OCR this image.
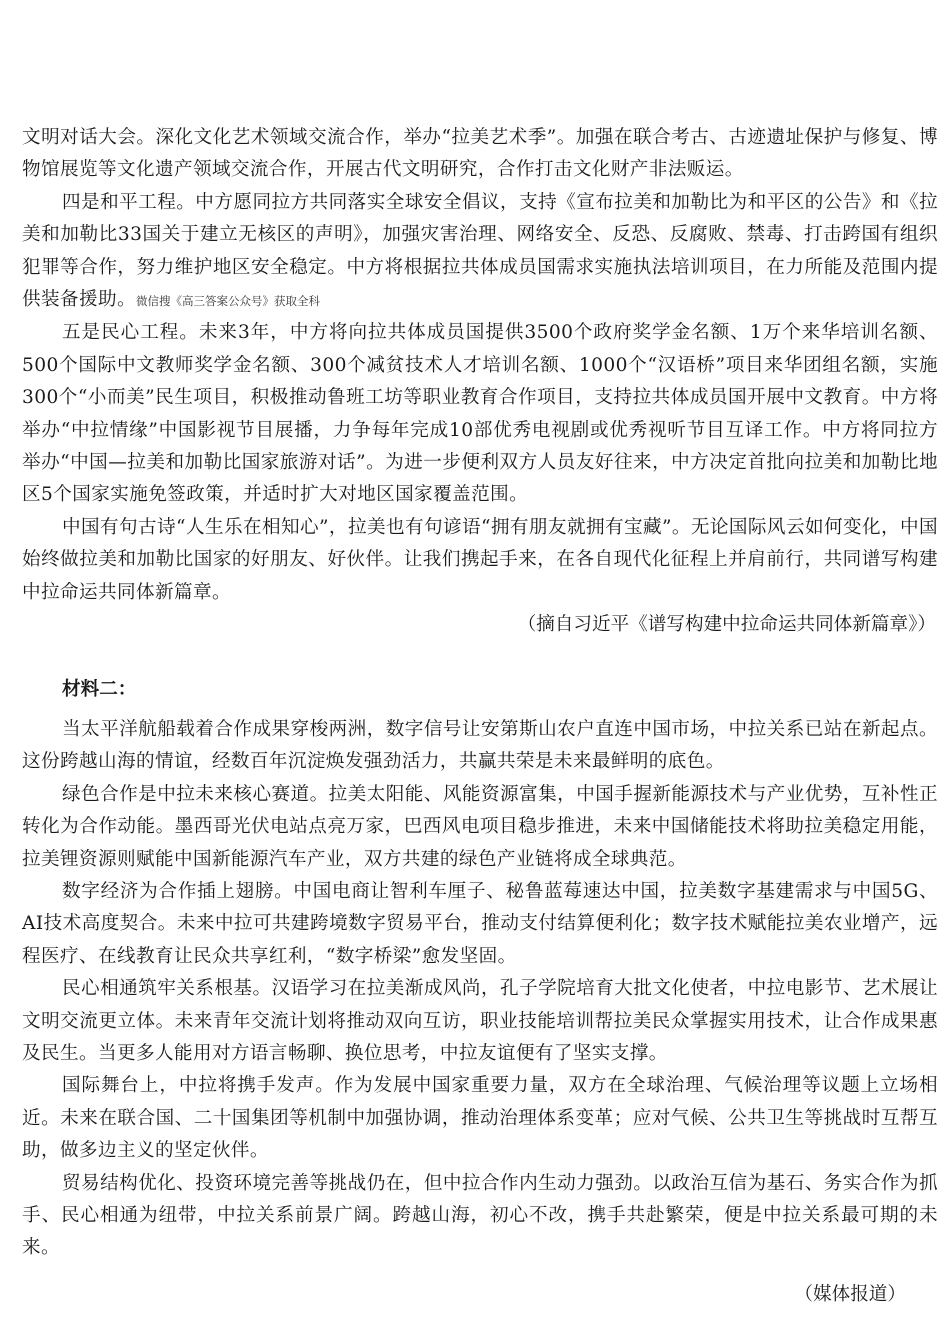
文明对话大会。深化文化艺术领域交流合作，举办“拉美艺术季”。加强在联合考古、古迹遗址保护与修复、博物馆展览等文化遗产领域交流合作，开展古代文明研究，合作打击文化财产非法贩运。

四是和平工程。中方愿同拉方共同落实全球安全倡议，支持《宣布拉美和加勒比为和平区的公告》和《拉美和加勒比33国关于建立无核区的声明》，加强灾害治理、网络安全、反恐、反腐败、禁毒、打击跨国有组织犯罪等合作，努力维护地区安全稳定。中方将根据拉共体成员国需求实施执法培训项目，在力所能及范围内提供装备援助。微信搜《高三答案公众号》获取全科

五是民心工程。未来3年，中方将向拉共体成员国提供3500个政府奖学金名额、1万个来华培训名额、500个国际中文教师奖学金名额、300个减贫技术人才培训名额、1000个“汉语桥”项目来华团组名额，实施300个“小而美”民生项目，积极推动鲁班工坊等职业教育合作项目，支持拉共体成员国开展中文教育。中方将举办“中拉情缘”中国影视节目展播，力争每年完成10部优秀电视剧或优秀视听节目互译工作。中方将同拉方举办“中国—拉美和加勒比国家旅游对话”。为进一步便利双方人员友好往来，中方决定首批向拉美和加勒比地区5个国家实施免签政策，并适时扩大对地区国家覆盖范围。

中国有句古诗“人生乐在相知心”，拉美也有句谚语“拥有朋友就拥有宝藏”。无论国际风云如何变化，中国始终做拉美和加勒比国家的好朋友、好伙伴。让我们携起手来，在各自现代化征程上并肩前行，共同谱写构建中拉命运共同体新篇章。

（摘自习近平《谱写构建中拉命运共同体新篇章》）

材料二：

当太平洋航船载着合作成果穿梭两洲，数字信号让安第斯山农户直连中国市场，中拉关系已站在新起点。这份跨越山海的情谊，经数百年沉淀焕发强劲活力，共赢共荣是未来最鲜明的底色。

绿色合作是中拉未来核心赛道。拉美太阳能、风能资源富集，中国手握新能源技术与产业优势，互补性正转化为合作动能。墨西哥光伏电站点亮万家，巴西风电项目稳步推进，未来中国储能技术将助拉美稳定用能，拉美锂资源则赋能中国新能源汽车产业，双方共建的绿色产业链将成全球典范。

数字经济为合作插上翅膀。中国电商让智利车厘子、秘鲁蓝莓速达中国，拉美数字基建需求与中国5G、AI技术高度契合。未来中拉可共建跨境数字贸易平台，推动支付结算便利化；数字技术赋能拉美农业增产，远程医疗、在线教育让民众共享红利，“数字桥梁”愈发坚固。

民心相通筑牢关系根基。汉语学习在拉美渐成风尚，孔子学院培育大批文化使者，中拉电影节、艺术展让文明交流更立体。未来青年交流计划将推动双向互访，职业技能培训帮拉美民众掌握实用技术，让合作成果惠及民生。当更多人能用对方语言畅聊、换位思考，中拉友谊便有了坚实支撑。

国际舞台上，中拉将携手发声。作为发展中国家重要力量，双方在全球治理、气候治理等议题上立场相近。未来在联合国、二十国集团等机制中加强协调，推动治理体系变革；应对气候、公共卫生等挑战时互帮互助，做多边主义的坚定伙伴。

贸易结构优化、投资环境完善等挑战仍在，但中拉合作内生动力强劲。以政治互信为基石、务实合作为抓手、民心相通为纽带，中拉关系前景广阔。跨越山海，初心不改，携手共赴繁荣，便是中拉关系最可期的未来。

（媒体报道）
